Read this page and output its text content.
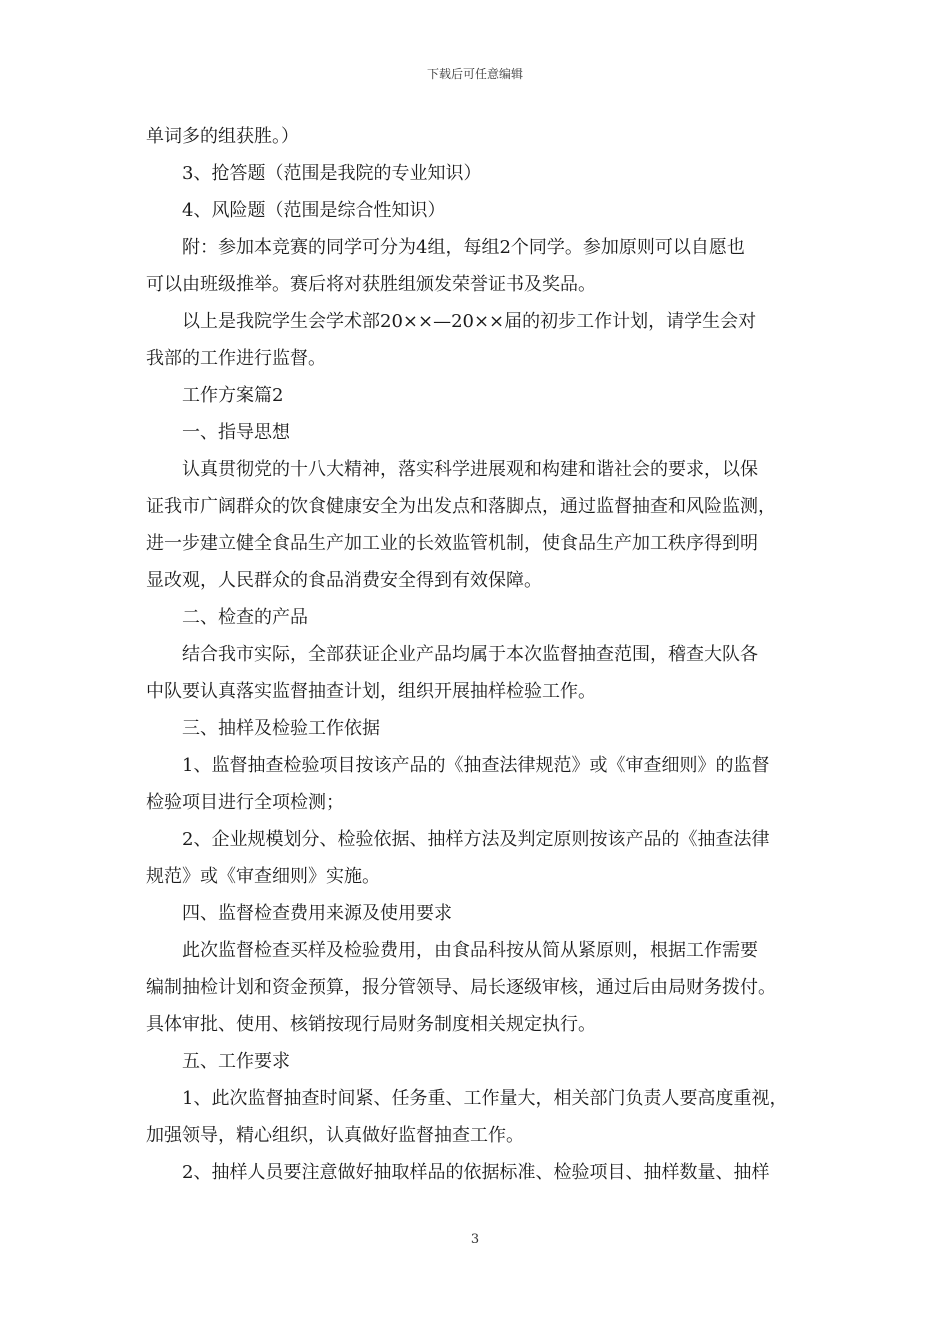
下载后可任意编辑
单词多的组获胜。）
3、抢答题（范围是我院的专业知识）
4、风险题（范围是综合性知识）
附：参加本竞赛的同学可分为4组，每组2个同学。参加原则可以自愿也
可以由班级推举。赛后将对获胜组颁发荣誉证书及奖品。
以上是我院学生会学术部20××—20××届的初步工作计划，请学生会对
我部的工作进行监督。
工作方案篇2
一、指导思想
认真贯彻党的十八大精神，落实科学进展观和构建和谐社会的要求，以保
证我市广阔群众的饮食健康安全为出发点和落脚点，通过监督抽查和风险监测，
进一步建立健全食品生产加工业的长效监管机制，使食品生产加工秩序得到明
显改观，人民群众的食品消费安全得到有效保障。
二、检查的产品
结合我市实际，全部获证企业产品均属于本次监督抽查范围，稽查大队各
中队要认真落实监督抽查计划，组织开展抽样检验工作。
三、抽样及检验工作依据
1、监督抽查检验项目按该产品的《抽查法律规范》或《审查细则》的监督
检验项目进行全项检测；
2、企业规模划分、检验依据、抽样方法及判定原则按该产品的《抽查法律
规范》或《审查细则》实施。
四、监督检查费用来源及使用要求
此次监督检查买样及检验费用，由食品科按从简从紧原则，根据工作需要
编制抽检计划和资金预算，报分管领导、局长逐级审核，通过后由局财务拨付。
具体审批、使用、核销按现行局财务制度相关规定执行。
五、工作要求
1、此次监督抽查时间紧、任务重、工作量大，相关部门负责人要高度重视，
加强领导，精心组织，认真做好监督抽查工作。
2、抽样人员要注意做好抽取样品的依据标准、检验项目、抽样数量、抽样
3
